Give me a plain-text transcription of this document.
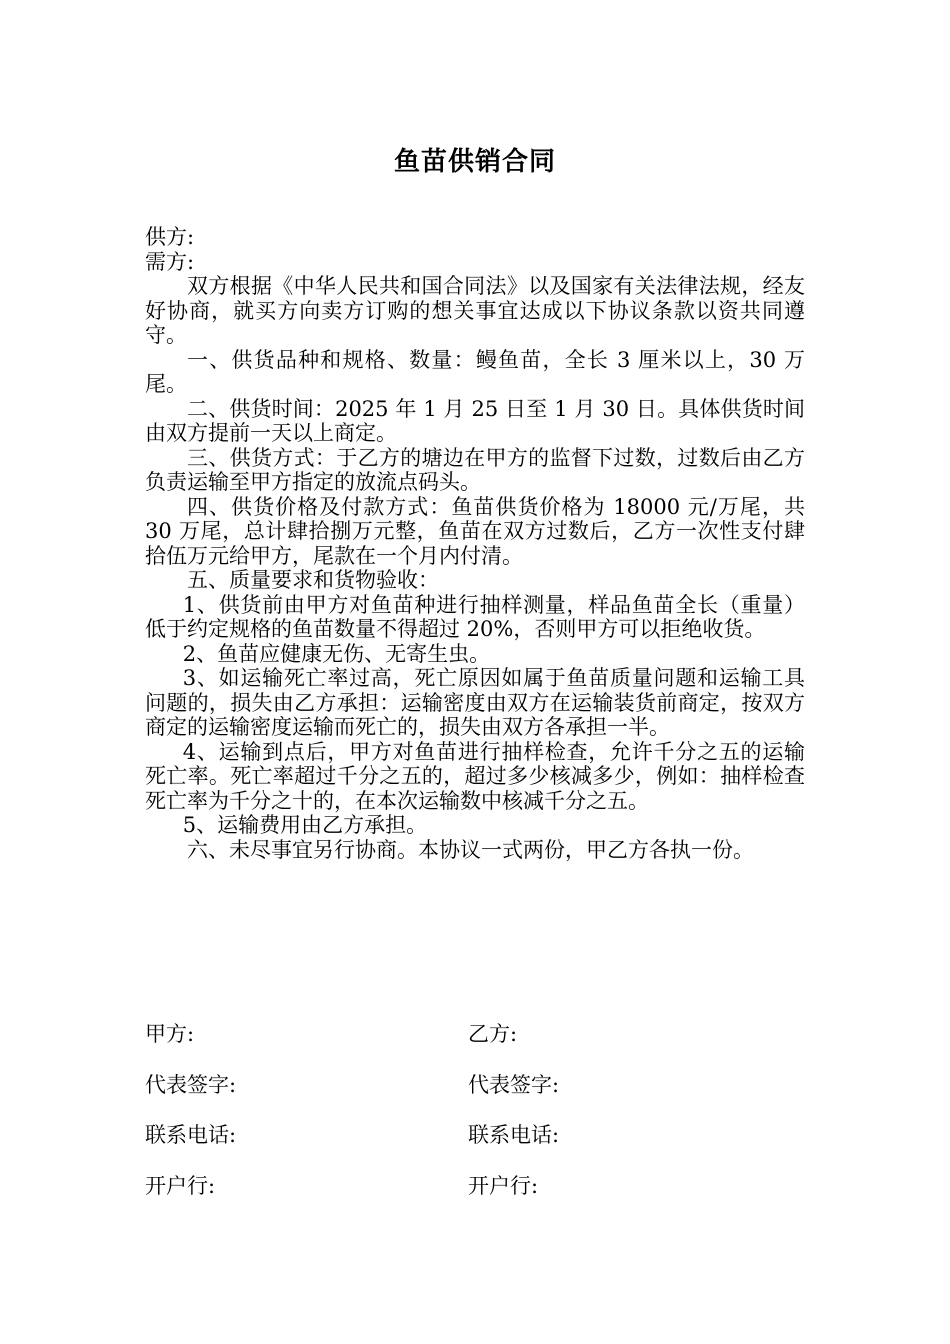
鱼苗供销合同

供方:

需方:

双方根据《中华人民共和国合同法》以及国家有关法律法规，经友好协商，就买方向卖方订购的想关事宜达成以下协议条款以资共同遵守。

一、供货品种和规格、数量：鳗鱼苗，全长 3 厘米以上，30 万尾。

二、供货时间：2025 年 1 月 25 日至 1 月 30 日。具体供货时间由双方提前一天以上商定。

三、供货方式：于乙方的塘边在甲方的监督下过数，过数后由乙方负责运输至甲方指定的放流点码头。

四、供货价格及付款方式：鱼苗供货价格为 18000 元/万尾，共 30 万尾，总计肆拾捌万元整，鱼苗在双方过数后，乙方一次性支付肆拾伍万元给甲方，尾款在一个月内付清。

五、质量要求和货物验收：

1、供货前由甲方对鱼苗种进行抽样测量，样品鱼苗全长（重量）低于约定规格的鱼苗数量不得超过 20%，否则甲方可以拒绝收货。

2、鱼苗应健康无伤、无寄生虫。

3、如运输死亡率过高，死亡原因如属于鱼苗质量问题和运输工具问题的，损失由乙方承担：运输密度由双方在运输装货前商定，按双方商定的运输密度运输而死亡的，损失由双方各承担一半。

4、运输到点后，甲方对鱼苗进行抽样检查，允许千分之五的运输死亡率。死亡率超过千分之五的，超过多少核减多少，例如：抽样检查死亡率为千分之十的，在本次运输数中核减千分之五。

5、运输费用由乙方承担。

六、未尽事宜另行协商。本协议一式两份，甲乙方各执一份。

甲方:	乙方:
代表签字:	代表签字:
联系电话:	联系电话:
开户行:	开户行:
